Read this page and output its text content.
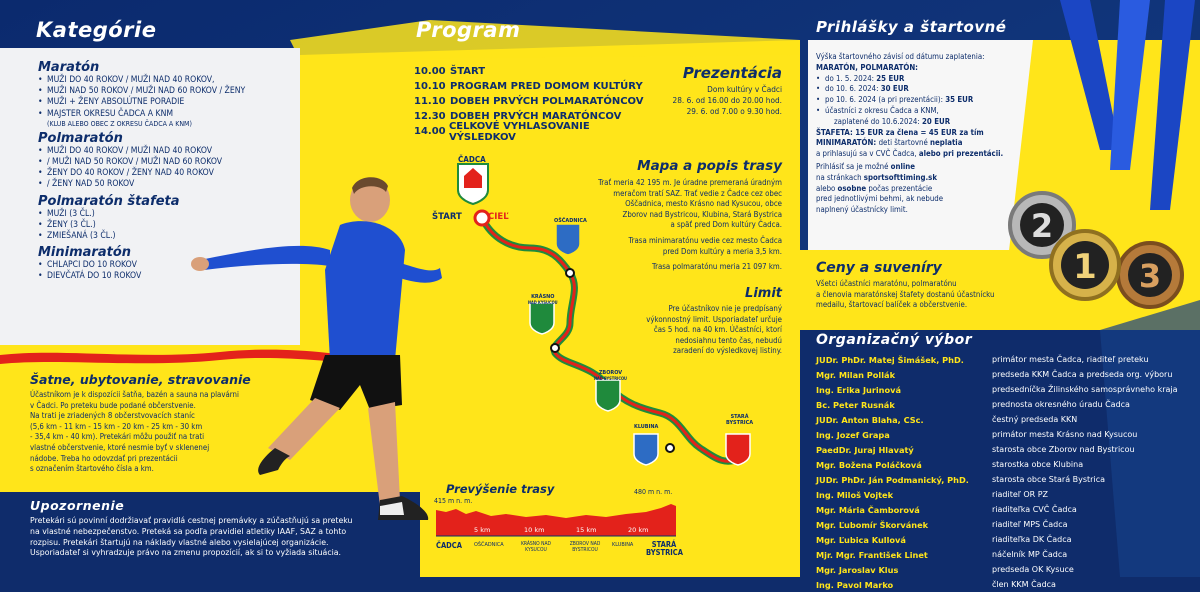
Kategórie
Maratón
• MUŽI DO 40 ROKOV / MUŽI NAD 40 ROKOV,
• MUŽI NAD 50 ROKOV / MUŽI NAD 60 ROKOV / ŽENY
• MUŽI + ŽENY ABSOLÚTNE PORADIE
• MAJSTER OKRESU ČADCA A KNM
(KLUB ALEBO OBEC Z OKRESU ČADCA A KNM)
Polmaratón
• MUŽI DO 40 ROKOV / MUŽI NAD 40 ROKOV
• / MUŽI NAD 50 ROKOV / MUŽI NAD 60 ROKOV
• ŽENY DO 40 ROKOV / ŽENY NAD 40 ROKOV
• / ŽENY NAD 50 ROKOV
Polmaratón štafeta
• MUŽI (3 ČL.)
• ŽENY (3 ČL.)
• ZMIEŠANÁ (3 ČL.)
Minimaratón
• CHLAPCI DO 10 ROKOV
• DIEVČATÁ DO 10 ROKOV
Šatne, ubytovanie, stravovanie
Účastníkom je k dispozícii šatňa, bazén a sauna na plavárni
v Čadci. Po preteku bude podané občerstvenie.
Na trati je zriadených 8 občerstvovacích staníc
(5,6 km - 11 km - 15 km - 20 km - 25 km - 30 km
- 35,4 km - 40 km). Pretekári môžu použiť na trati
vlastné občerstvenie, ktoré nesmie byť v sklenenej
nádobe. Treba ho odovzdať pri prezentácii
s označením štartového čísla a km.
Upozornenie
Pretekári sú povinní dodržiavať pravidlá cestnej premávky a zúčastňujú sa preteku
na vlastné nebezpečenstvo. Preteká sa podľa pravidiel atletiky IAAF, SAZ a tohto
rozpisu. Pretekári štartujú na náklady vlastné alebo vysielajúcej organizácie.
Usporiadateľ si vyhradzuje právo na zmenu propozícií, ak si to vyžiada situácia.
Program
10.00 ŠTART
10.10 PROGRAM PRED DOMOM KULTÚRY
11.10 DOBEH PRVÝCH POLMARATÓNCOV
12.30 DOBEH PRVÝCH MARATÓNCOV
14.00 CELKOVÉ VYHLASOVANIE VÝSLEDKOV
Prezentácia
Dom kultúry v Čadci
28. 6. od 16.00 do 20.00 hod.
29. 6. od 7.00 o 9.30 hod.
ČADCA
ŠTART	CIEĽ	OŠČADNICA
KRÁSNO
NAD KYSUCOU
ZBOROV
NAD BYSTRICOU
KLUBINA
STARÁ
BYSTRICA
Mapa a popis trasy
Trať meria 42 195 m. Je úradne premeraná úradným
meračom tratí SAZ. Trať vedie z Čadce cez obec
Oščadnica, mesto Krásno nad Kysucou, obce
Zborov nad Bystricou, Klubina, Stará Bystrica
a späť pred Dom kultúry Čadca.
Trasa minimaratónu vedie cez mesto Čadca
pred Dom kultúry a meria 3,5 km.
Trasa polmaratónu meria 21 097 km.
Limit
Pre účastníkov nie je predpísaný
výkonnostný limit. Usporiadateľ určuje
čas 5 hod. na 40 km. Účastníci, ktorí
nedosiahnu tento čas, nebudú
zaradení do výsledkovej listiny.
Prevýšenie trasy
415 m n. m.
480 m n. m.
5 km	10 km	15 km	20 km
ČADCA OŠČADNICA	KRÁSNO NAD KYSUCOU
ZBOROV NAD BYSTRICOU
KLUBINA	STARÁ BYSTRICA
Prihlášky a štartovné
Výška štartovného závisí od dátumu zaplatenia:
MARATÓN, POLMARATÓN:
• do 1. 5. 2024: 25 EUR
• do 10. 6. 2024: 30 EUR
• po 10. 6. 2024 (a pri prezentácii): 35 EUR
• účastníci z okresu Čadca a KNM,
zaplatené do 10.6.2024: 20 EUR
ŠTAFETA: 15 EUR za člena = 45 EUR za tím
MINIMARATÓN: deti štartovné neplatia
a prihlasujú sa v CVČ Čadca, alebo pri prezentácii.
Prihlásiť sa je možné online
na stránkach sportsofttiming.sk
alebo osobne počas prezentácie
pred jednotlivými behmi, ak nebude
naplnený účastnícky limit.	2
3
1
Ceny a suveníry
Všetci účastníci maratónu, polmaratónu
a členovia maratónskej štafety dostanú účastnícku
medailu, štartovací balíček a občerstvenie.
Organizačný výbor
JUDr. PhDr. Matej Šimášek, PhD.	primátor mesta Čadca, riaditeľ preteku
Mgr. Milan Pollák	predseda KKM Čadca a predseda org. výboru
Ing. Erika Jurinová	predsedníčka Žilinského samosprávneho kraja
Bc. Peter Rusnák	prednosta okresného úradu Čadca
JUDr. Anton Blaha, CSc.	čestný predseda KKN
Ing. Jozef Grapa	primátor mesta Krásno nad Kysucou
PaedDr. Juraj Hlavatý	starosta obce Zborov nad Bystricou
Mgr. Božena Poláčková	starostka obce Klubina
JUDr. PhDr. Ján Podmanický, PhD.	starosta obce Stará Bystrica
Ing. Miloš Vojtek	riaditeľ OR PZ
Mgr. Mária Čamborová	riaditeľka CVČ Čadca
Mgr. Ľubomír Škorvánek	riaditeľ MPS Čadca
Mgr. Ľubica Kullová	riaditeľka DK Čadca
Mjr. Mgr. František Linet	náčelník MP Čadca
Mgr. Jaroslav Klus	predseda OK Kysuce
Ing. Pavol Marko	člen KKM Čadca
